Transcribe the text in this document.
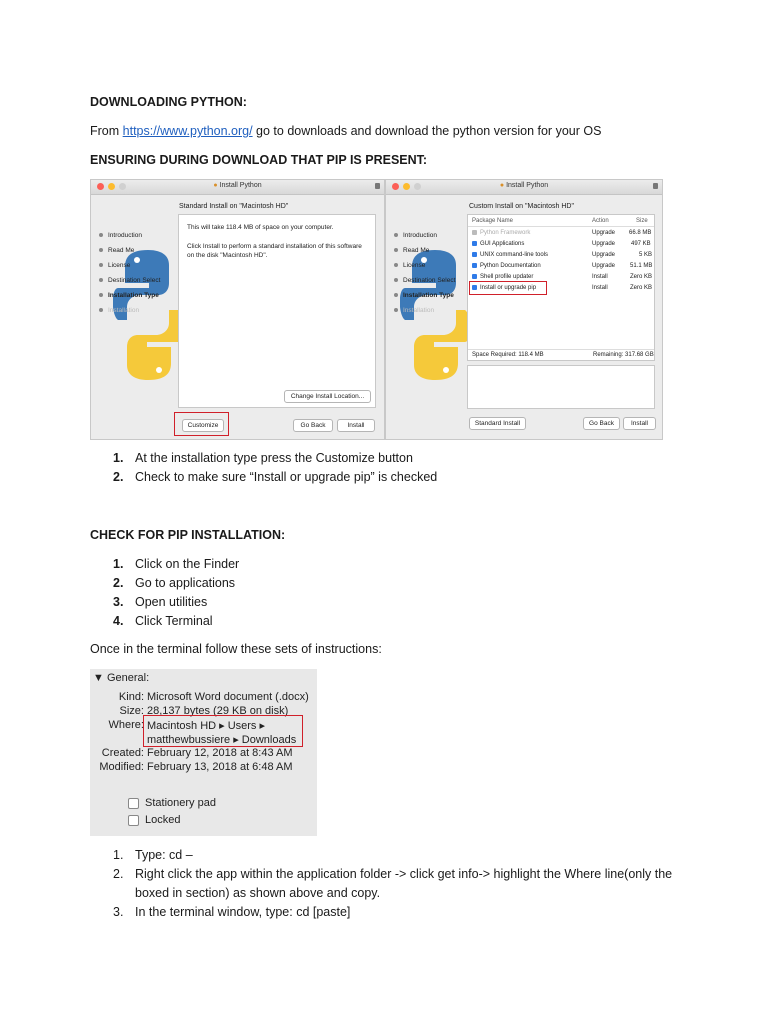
DOWNLOADING PYTHON:
From https://www.python.org/ go to downloads and download the python version for your OS
ENSURING DURING DOWNLOAD THAT PIP IS PRESENT:
● Install Python
Standard Install on "Macintosh HD"
Introduction
Read Me
License
Destination Select
Installation Type
Installation
This will take 118.4 MB of space on your computer.
Click Install to perform a standard installation of this software
on the disk "Macintosh HD".
Change Install Location...
Customize	Go Back	Install
● Install Python
Custom Install on "Macintosh HD"
Introduction
Read Me
License
Destination Select
Installation Type
Installation
Package Name	Action	Size
Python Framework	Upgrade 66.8 MB
GUI Applications	Upgrade	497 KB
UNIX command-line tools	Upgrade	5 KB
Python Documentation	Upgrade 51.1 MB
Shell profile updater	Install	Zero KB
Install or upgrade pip	Install	Zero KB
Space Required: 118.4 MB	Remaining: 317.68 GB
Standard Install	Go Back	Install
1. At the installation type press the Customize button
2. Check to make sure “Install or upgrade pip” is checked
CHECK FOR PIP INSTALLATION:
1. Click on the Finder
2. Go to applications
3. Open utilities
4. Click Terminal
Once in the terminal follow these sets of instructions:
▼ General:
Kind: Microsoft Word document (.docx)
Size: 28,137 bytes (29 KB on disk)
Where: Macintosh HD ▸ Users ▸
matthewbussiere ▸ Downloads
Created: February 12, 2018 at 8:43 AM
Modified: February 13, 2018 at 6:48 AM
Stationery pad
Locked
1. Type: cd –
2. Right click the app within the application folder -> click get info-> highlight the Where line(only the boxed in section) as shown above and copy.
3. In the terminal window, type: cd [paste]
